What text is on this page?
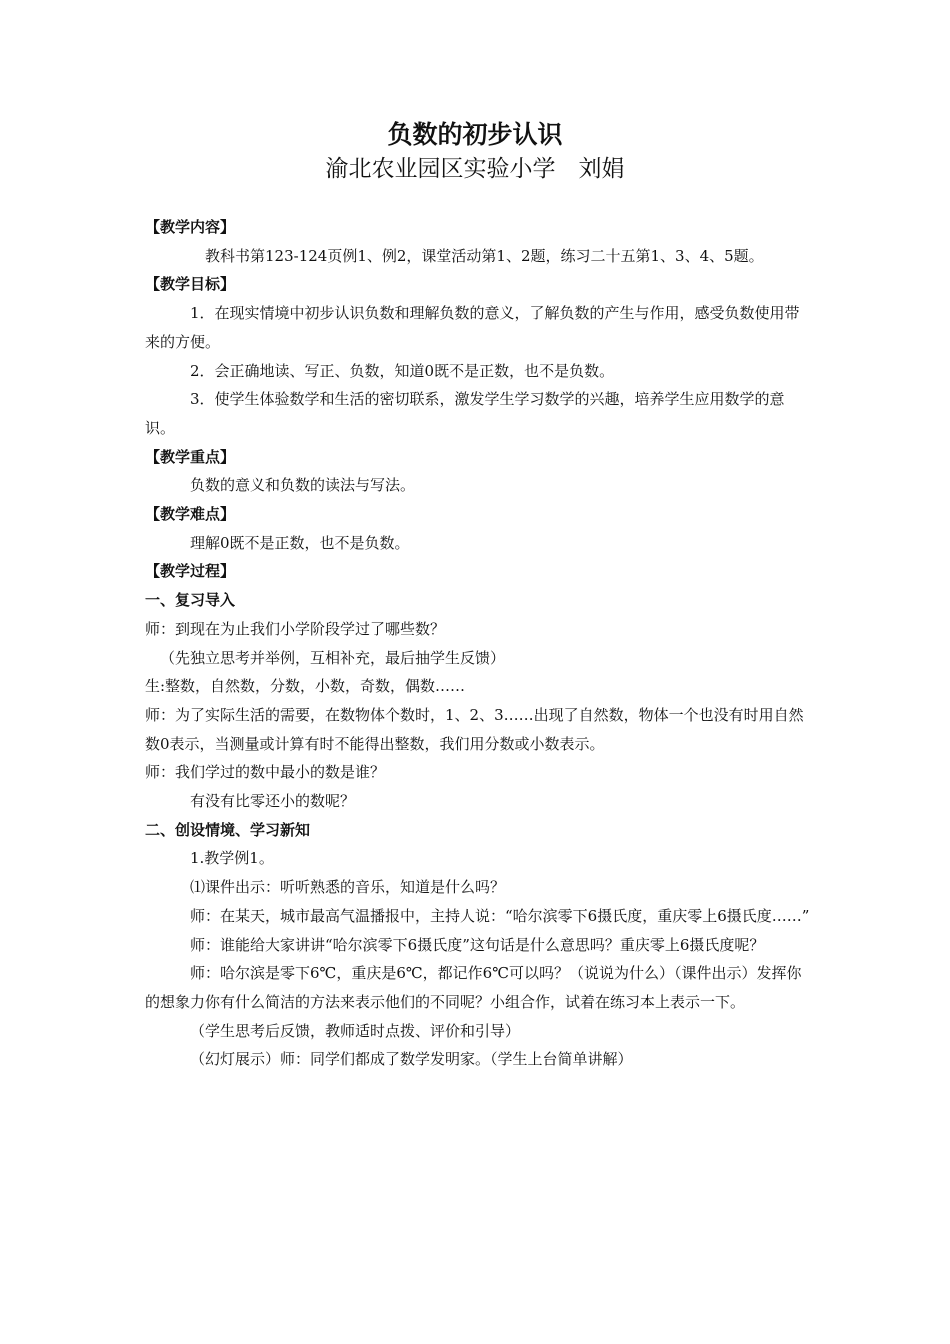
负数的初步认识
渝北农业园区实验小学　刘娟

【教学内容】

教科书第123-124页例1、例2，课堂活动第1、2题，练习二十五第1、3、4、5题。

【教学目标】

1．在现实情境中初步认识负数和理解负数的意义，了解负数的产生与作用，感受负数使用带来的方便。

2．会正确地读、写正、负数，知道0既不是正数，也不是负数。

3．使学生体验数学和生活的密切联系，激发学生学习数学的兴趣，培养学生应用数学的意识。

【教学重点】

负数的意义和负数的读法与写法。

【教学难点】

理解0既不是正数，也不是负数。

【教学过程】

一、复习导入

师：到现在为止我们小学阶段学过了哪些数？

（先独立思考并举例，互相补充，最后抽学生反馈）

生:整数，自然数，分数，小数，奇数，偶数……

师：为了实际生活的需要，在数物体个数时，1、2、3……出现了自然数，物体一个也没有时用自然数0表示，当测量或计算有时不能得出整数，我们用分数或小数表示。

师：我们学过的数中最小的数是谁？

有没有比零还小的数呢？

二、创设情境、学习新知

1.教学例1。

⑴课件出示：听听熟悉的音乐，知道是什么吗？

师：在某天，城市最高气温播报中，主持人说：“哈尔滨零下6摄氏度，重庆零上6摄氏度……”

师：谁能给大家讲讲“哈尔滨零下6摄氏度”这句话是什么意思吗？重庆零上6摄氏度呢？

师：哈尔滨是零下6℃，重庆是6℃，都记作6℃可以吗？（说说为什么）（课件出示）发挥你的想象力你有什么简洁的方法来表示他们的不同呢？小组合作，试着在练习本上表示一下。

（学生思考后反馈，教师适时点拨、评价和引导）

（幻灯展示）师：同学们都成了数学发明家。（学生上台简单讲解）
